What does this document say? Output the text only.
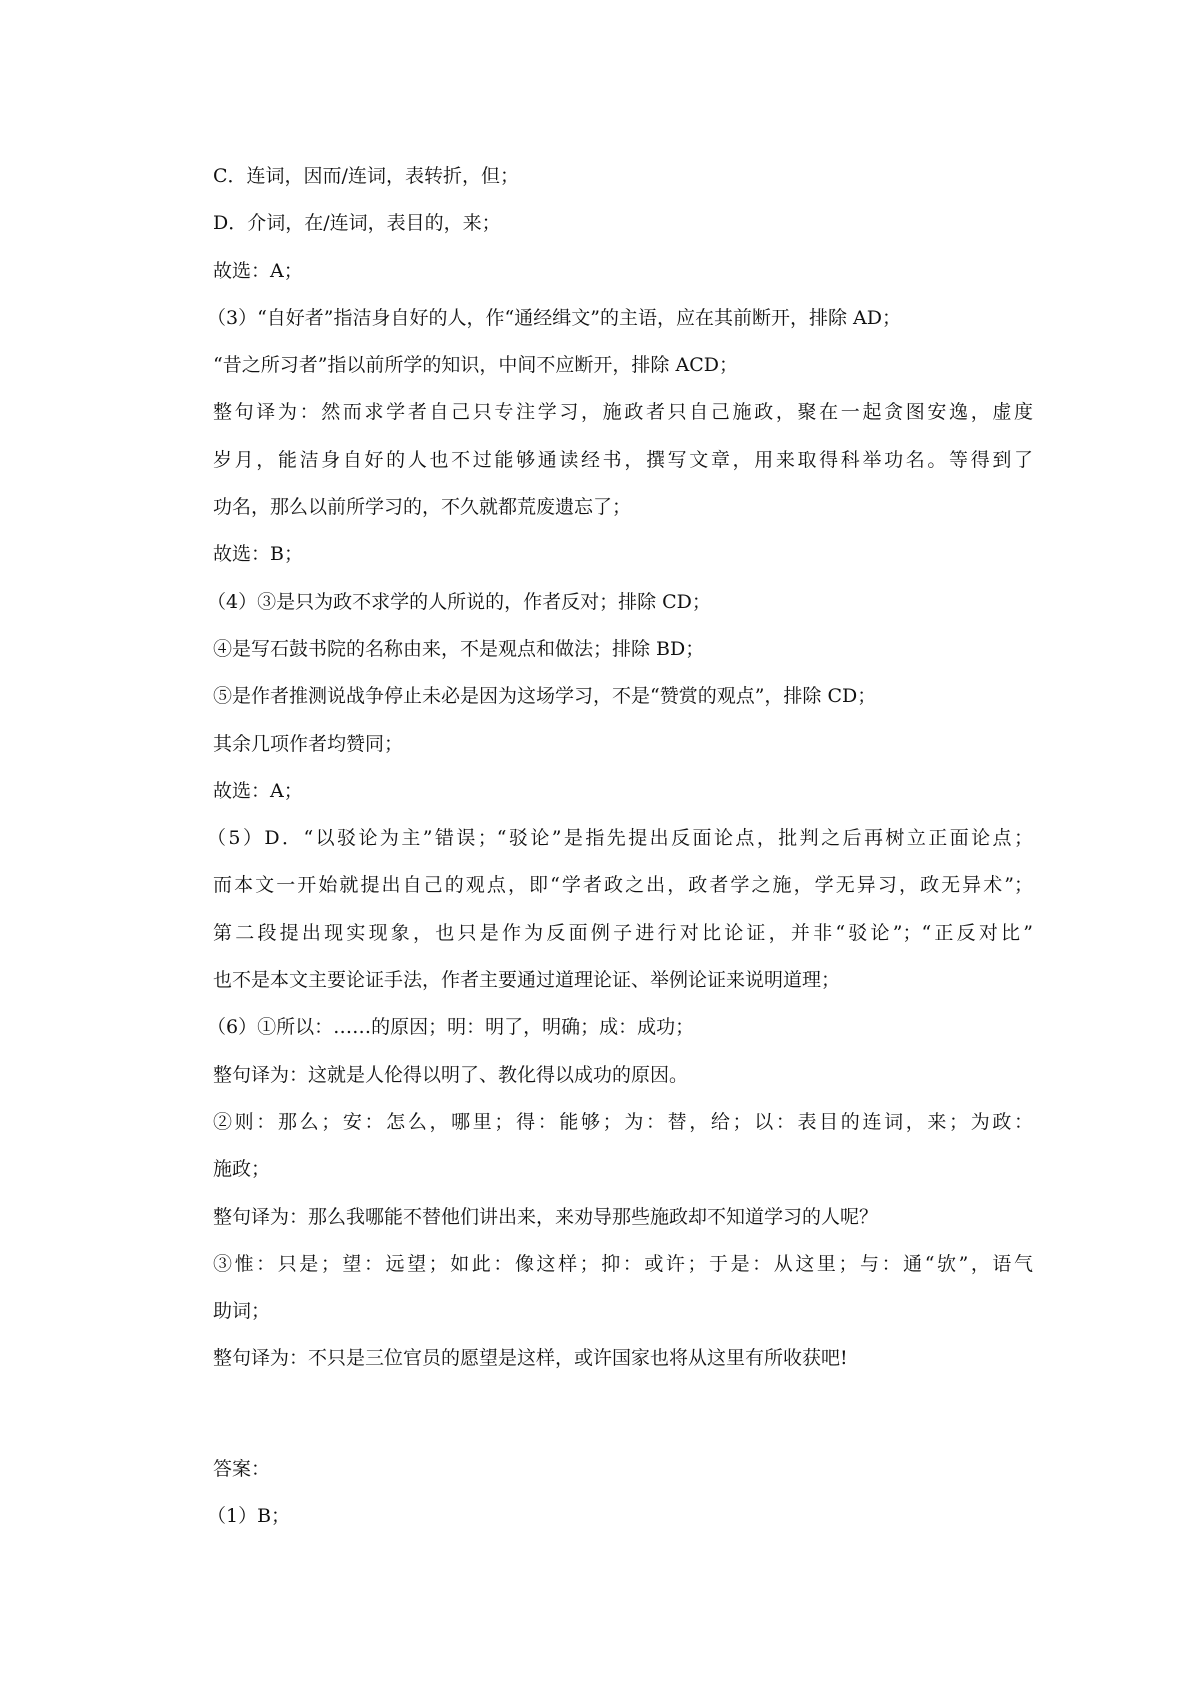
C．连词，因而/连词，表转折，但；
D．介词，在/连词，表目的，来；
故选：A；
（3）“自好者”指洁身自好的人，作“通经缉文”的主语，应在其前断开，排除 AD；
“昔之所习者”指以前所学的知识，中间不应断开，排除 ACD；
整句译为：然而求学者自己只专注学习，施政者只自己施政，聚在一起贪图安逸，虚度
岁月，能洁身自好的人也不过能够通读经书，撰写文章，用来取得科举功名。等得到了
功名，那么以前所学习的，不久就都荒废遗忘了；
故选：B；
（4）③是只为政不求学的人所说的，作者反对；排除 CD；
④是写石鼓书院的名称由来，不是观点和做法；排除 BD；
⑤是作者推测说战争停止未必是因为这场学习，不是“赞赏的观点”，排除 CD；
其余几项作者均赞同；
故选：A；
（5）D．“以驳论为主”错误；“驳论”是指先提出反面论点，批判之后再树立正面论点；
而本文一开始就提出自己的观点，即“学者政之出，政者学之施，学无异习，政无异术”；
第二段提出现实现象，也只是作为反面例子进行对比论证，并非“驳论”；“正反对比”
也不是本文主要论证手法，作者主要通过道理论证、举例论证来说明道理；
（6）①所以：……的原因；明：明了，明确；成：成功；
整句译为：这就是人伦得以明了、教化得以成功的原因。
②则：那么；安：怎么，哪里；得：能够；为：替，给；以：表目的连词，来；为政：
施政；
整句译为：那么我哪能不替他们讲出来，来劝导那些施政却不知道学习的人呢？
③惟：只是；望：远望；如此：像这样；抑：或许；于是：从这里；与：通“欤”，语气
助词；
整句译为：不只是三位官员的愿望是这样，或许国家也将从这里有所收获吧!
答案：
（1）B；
